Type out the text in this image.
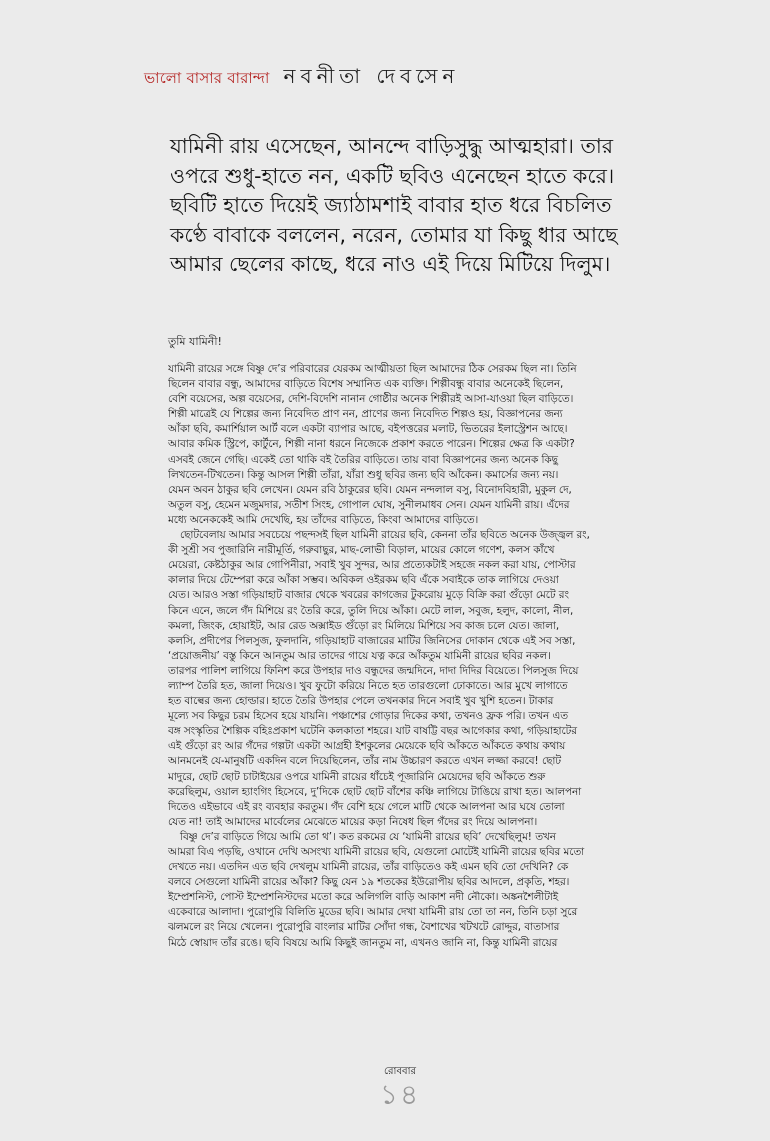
ভালো বাসার বারান্দা নবনীতা দেবসেন
যামিনী রায় এসেছেন, আনন্দে বাড়িসুদ্ধু আত্মহারা। তার
ওপরে শুধু-হাতে নন, একটি ছবিও এনেছেন হাতে করে।
ছবিটি হাতে দিয়েই জ্যাঠামশাই বাবার হাত ধরে বিচলিত
কণ্ঠে বাবাকে বললেন, নরেন, তোমার যা কিছু ধার আছে
আমার ছেলের কাছে, ধরে নাও এই দিয়ে মিটিয়ে দিলুম।

তুমি যামিনী!

যামিনী রায়ের সঙ্গে বিষ্ণু দে’র পরিবারের যেরকম আত্মীয়তা ছিল আমাদের ঠিক সেরকম ছিল না। তিনি
ছিলেন বাবার বন্ধু, আমাদের বাড়িতে বিশেষ সম্মানিত এক ব্যক্তি। শিল্পীবন্ধু বাবার অনেকেই ছিলেন,
বেশি বয়েসের, অল্প বয়েসের, দেশি-বিদেশি নানান গোষ্ঠীর অনেক শিল্পীরই আসা-যাওয়া ছিল বাড়িতে।
শিল্পী মাত্রেই যে শিল্পের জন্য নিবেদিত প্রাণ নন, প্রাণের জন্য নিবেদিত শিল্পও হয়, বিজ্ঞাপনের জন্য
আঁকা ছবি, কমার্শিয়াল আর্ট বলে একটা ব্যাপার আছে, বইপত্তরের মলাট, ভিতরের ইলাস্ট্রেশন আছে।
আবার কমিক স্ট্রিপে, কার্টুনে, শিল্পী নানা ধরনে নিজেকে প্রকাশ করতে পারেন। শিল্পের ক্ষেত্র কি একটা?
এসবই জেনে গেছি। একেই তো থাকি বই তৈরির বাড়িতে। তায় বাবা বিজ্ঞাপনের জন্য অনেক কিছু
লিখতেন-টিখতেন। কিন্তু আসল শিল্পী তাঁরা, যাঁরা শুধু ছবির জন্য ছবি আঁকেন। কমার্সের জন্য নয়।
যেমন অবন ঠাকুর ছবি লেখেন। যেমন রবি ঠাকুরের ছবি। যেমন নন্দলাল বসু, বিনোদবিহারী, মুকুল দে,
অতুল বসু, হেমেন মজুমদার, সতীশ সিংহ, গোপাল ঘোষ, সুনীলমাধব সেন। যেমন যামিনী রায়। এঁদের
মধ্যে অনেককেই আমি দেখেছি, হয় তাঁদের বাড়িতে, কিংবা আমাদের বাড়িতে।
ছোটবেলায় আমার সবচেয়ে পছন্দসই ছিল যামিনী রায়ের ছবি, কেননা তাঁর ছবিতে অনেক উজ্জ্বল রং,
কী সুশ্রী সব পুজারিনি নারীমূর্তি, গরুবাছুর, মাছ-লোভী বিড়াল, মায়ের কোলে গণেশ, কলস কাঁখে
মেয়েরা, কেষ্টঠাকুর আর গোপিনীরা, সবাই খুব সুন্দর, আর প্রত্যেকটাই সহজে নকল করা যায়, পোস্টার
কালার দিয়ে টেম্পেরা করে আঁকা সম্ভব। অবিকল ওইরকম ছবি এঁকে সবাইকে তাক লাগিয়ে দেওয়া
যেত। আরও সস্তা গড়িয়াহাট বাজার থেকে খবরের কাগজের টুকরোয় মুড়ে বিক্রি করা গুঁড়ো মেটে রং
কিনে এনে, জলে গঁদ মিশিয়ে রং তৈরি করে, তুলি দিয়ে আঁকা। মেটে লাল, সবুজ, হলুদ, কালো, নীল,
কমলা, জিংক, হোয়াইট, আর রেড অক্সাইড গুঁড়ো রং মিলিয়ে মিশিয়ে সব কাজ চলে যেত। জালা,
কলসি, প্রদীপের পিলসুজ, ফুলদানি, গড়িয়াহাট বাজারের মাটির জিনিসের দোকান থেকে এই সব সস্তা,
‘প্রয়োজনীয়’ বস্তু কিনে আনতুম আর তাদের গায়ে যত্ন করে আঁকতুম যামিনী রায়ের ছবির নকল।
তারপর পালিশ লাগিয়ে ফিনিশ করে উপহার দাও বন্ধুদের জন্মদিনে, দাদা দিদির বিয়েতে। পিলসুজ দিয়ে
ল্যাম্প তৈরি হত, জালা দিয়েও। খুব ফুটো করিয়ে নিতে হত তারগুলো ঢোকাতে। আর মুখে লাগাতে
হত বাল্বের জন্য হোল্ডার। হাতে তৈরি উপহার পেলে তখনকার দিনে সবাই খুব খুশি হতেন। টাকার
মূল্যে সব কিছুর চরম হিসেব হয়ে যায়নি। পঞ্চাশের গোড়ার দিকের কথা, তখনও ফ্রক পরি। তখন এত
বঙ্গ সংস্কৃতির শৈল্পিক বহিঃপ্রকাশ ঘটেনি কলকাতা শহরে। যাট বাষট্টি বছর আগেকার কথা, গড়িয়াহাটের
এই গুঁড়ো রং আর গঁদের গল্পটা একটা আগ্রহী ইশকুলের মেয়েকে ছবি আঁকতে আঁকতে কথায় কথায়
আনমনেই যে-মানুষটি একদিন বলে দিয়েছিলেন, তাঁর নাম উচ্চারণ করতে এখন লজ্জা করবে! ছোট
মাদুরে, ছোট ছোট চাটাইয়ের ওপরে যামিনী রায়ের ধাঁচেই পূজারিনি মেয়েদের ছবি আঁকতে শুরু
করেছিলুম, ওয়াল হ্যাংগিং হিসেবে, দু’দিকে ছোট ছোট বাঁশের কঞ্চি লাগিয়ে টাঙিয়ে রাখা হত। আলপনা
দিতেও এইভাবে এই রং ব্যবহার করতুম। গঁদ বেশি হয়ে গেলে মাটি থেকে আলপনা আর ঘষে তোলা
যেত না! তাই আমাদের মার্বেলের মেঝেতে মায়ের কড়া নিষেধ ছিল গঁদের রং দিয়ে আলপনা।
বিষ্ণু দে’র বাড়িতে গিয়ে আমি তো থ’। কত রকমের যে ‘যামিনী রায়ের ছবি’ দেখেছিলুম! তখন
আমরা বিএ পড়ছি, ওখানে দেখি অসংখ্য যামিনী রায়ের ছবি, যেগুলো মোটেই যামিনী রায়ের ছবির মতো
দেখতে নয়। এতদিন এত ছবি দেখলুম যামিনী রায়ের, তাঁর বাড়িতেও কই এমন ছবি তো দেখিনি? কে
বলবে সেগুলো যামিনী রায়ের আঁকা? কিছু যেন ১৯ শতকের ইউরোপীয় ছবির আদলে, প্রকৃতি, শহর।
ইম্প্রেশনিস্ট, পোস্ট ইম্প্রেশনিস্টদের মতো করে অলিগলি বাড়ি আকাশ নদী নৌকো। অঙ্কনশৈলীটাই
একেবারে আলাদা। পুরোপুরি বিলিতি মুডের ছবি। আমার দেখা যামিনী রায় তো তা নন, তিনি চড়া সুরে
ঝলমলে রং নিয়ে খেলেন। পুরোপুরি বাংলার মাটির সোঁদা গন্ধ, বৈশাখের খটখটে রোদ্দুর, বাতাসার
মিঠে স্বোয়াদ তাঁর রঙে। ছবি বিষয়ে আমি কিছুই জানতুম না, এখনও জানি না, কিন্তু যামিনী রায়ের
রোববার
১৪
